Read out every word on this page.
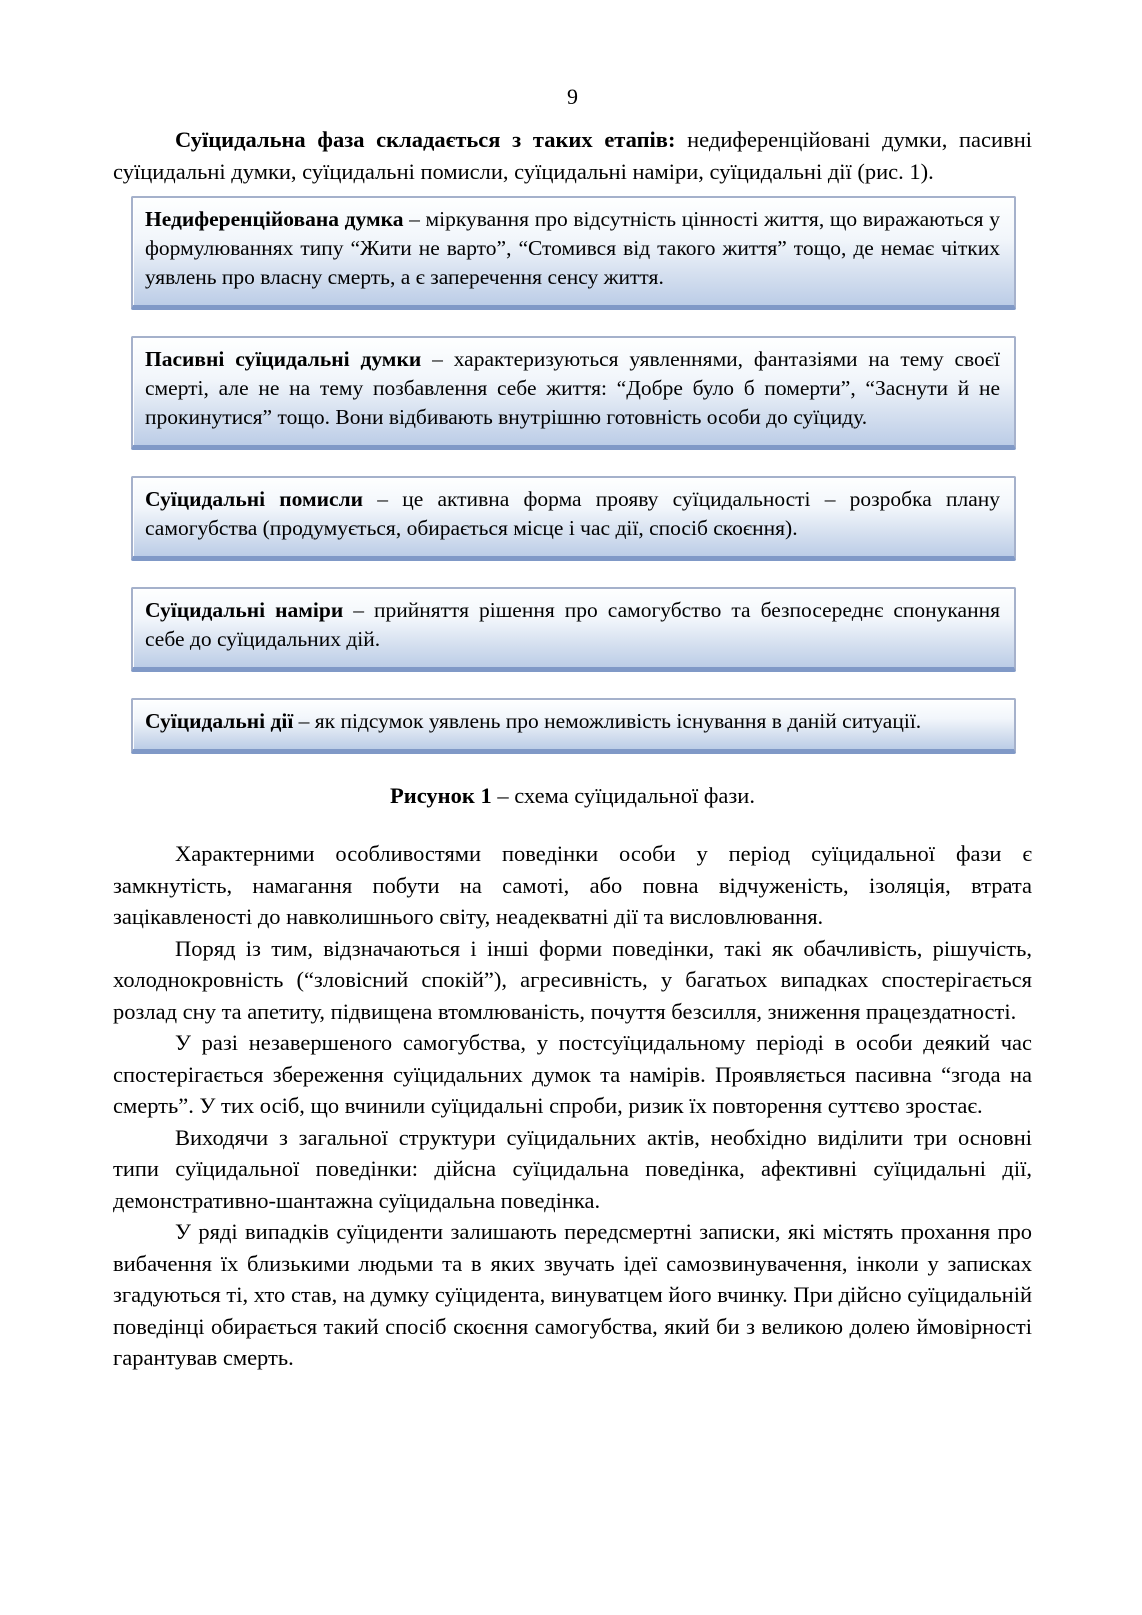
9

Суїцидальна фаза складається з таких етапів: недиференційовані думки, пасивні суїцидальні думки, суїцидальні помисли, суїцидальні наміри, суїцидальні дії (рис. 1).

Недиференційована думка – міркування про відсутність цінності життя, що виражаються у формулюваннях типу “Жити не варто”, “Стомився від такого життя” тощо, де немає чітких уявлень про власну смерть, а є заперечення сенсу життя.
Пасивні суїцидальні думки – характеризуються уявленнями, фантазіями на тему своєї смерті, але не на тему позбавлення себе життя: “Добре було б померти”, “Заснути й не прокинутися” тощо. Вони відбивають внутрішню готовність особи до суїциду.
Суїцидальні помисли – це активна форма прояву суїцидальності – розробка плану самогубства (продумується, обирається місце і час дії, спосіб скоєння).
Суїцидальні наміри – прийняття рішення про самогубство та безпосереднє спонукання себе до суїцидальних дій.
Суїцидальні дії – як підсумок уявлень про неможливість існування в даній ситуації.

Рисунок 1 – схема суїцидальної фази.

Характерними особливостями поведінки особи у період суїцидальної фази є замкнутість, намагання побути на самоті, або повна відчуженість, ізоляція, втрата зацікавленості до навколишнього світу, неадекватні дії та висловлювання.

Поряд із тим, відзначаються і інші форми поведінки, такі як обачливість, рішучість, холоднокровність (“зловісний спокій”), агресивність, у багатьох випадках спостерігається розлад сну та апетиту, підвищена втомлюваність, почуття безсилля, зниження працездатності.

У разі незавершеного самогубства, у постсуїцидальному періоді в особи деякий час спостерігається збереження суїцидальних думок та намірів. Проявляється пасивна “згода на смерть”. У тих осіб, що вчинили суїцидальні спроби, ризик їх повторення суттєво зростає.

Виходячи з загальної структури суїцидальних актів, необхідно виділити три основні типи суїцидальної поведінки: дійсна суїцидальна поведінка, афективні суїцидальні дії, демонстративно-шантажна суїцидальна поведінка.

У ряді випадків суїциденти залишають передсмертні записки, які містять прохання про вибачення їх близькими людьми та в яких звучать ідеї самозвинувачення, інколи у записках згадуються ті, хто став, на думку суїцидента, винуватцем його вчинку. При дійсно суїцидальній поведінці обирається такий спосіб скоєння самогубства, який би з великою долею ймовірності гарантував смерть.
